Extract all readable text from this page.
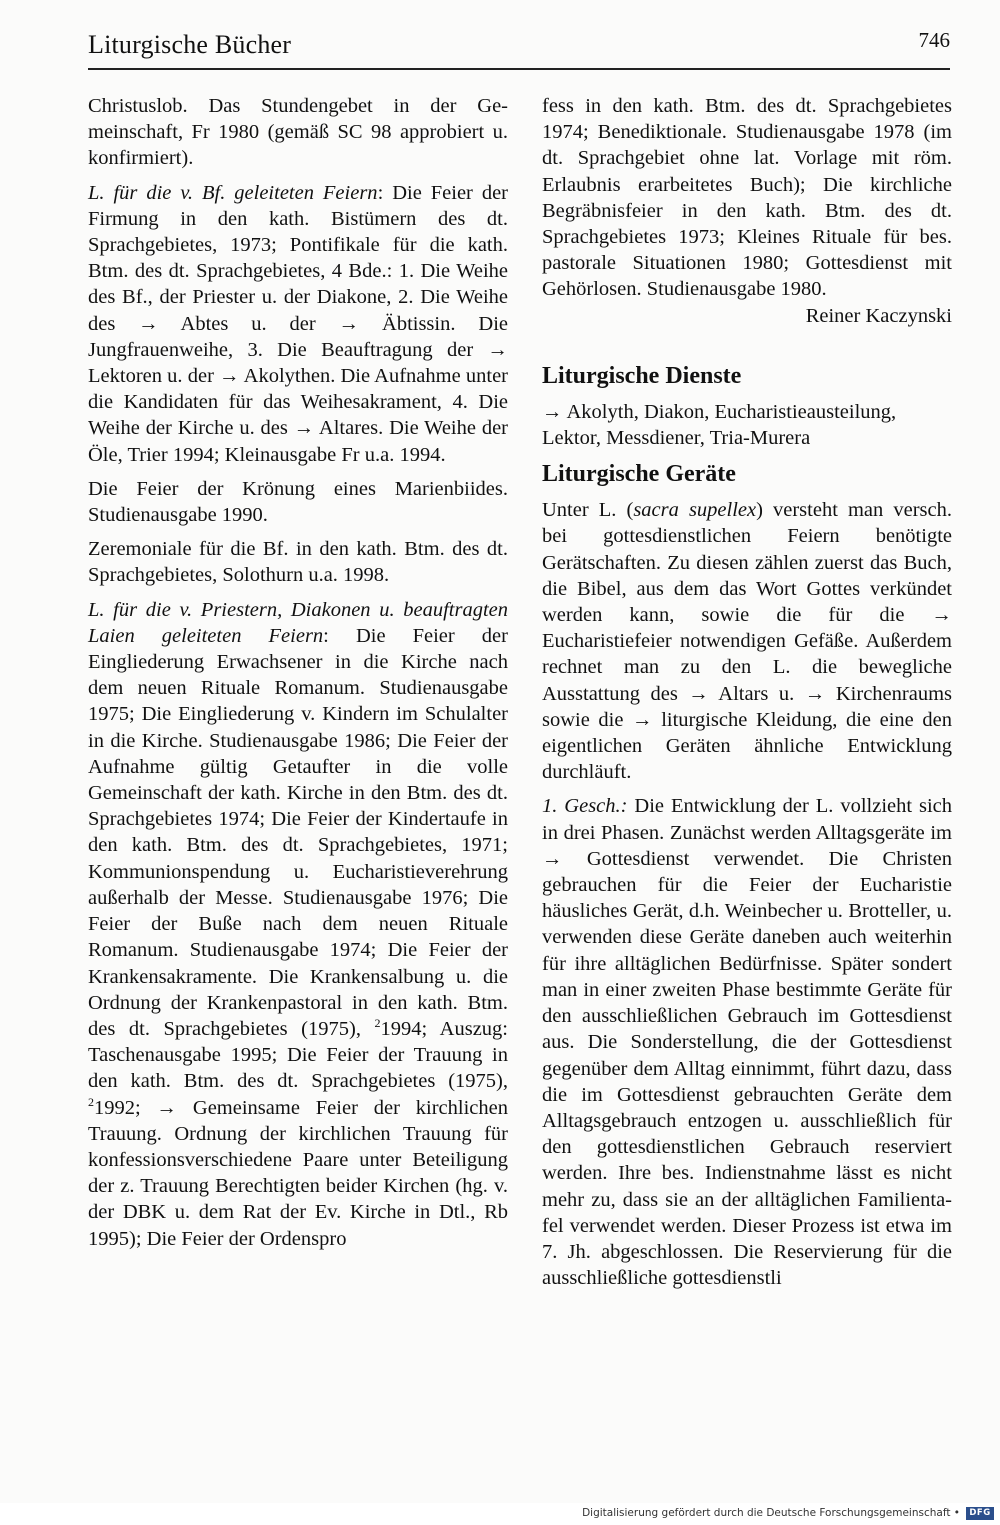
Liturgische Bücher	746

Christuslob. Das Stundengebet in der Gemeinschaft, Fr 1980 (gemäß SC 98 approbiert u. konfirmiert).

L. für die v. Bf. geleiteten Feiern: Die Feier der Firmung in den kath. Bistümern des dt. Sprachgebietes, 1973; Pontifikale für die kath. Btm. des dt. Sprachgebietes, 4 Bde.: 1. Die Weihe des Bf., der Priester u. der Diakone, 2. Die Weihe des → Abtes u. der → Äbtissin. Die Jungfrauenweihe, 3. Die Beauftragung der → Lektoren u. der → Akolythen. Die Aufnahme unter die Kandidaten für das Weihesakrament, 4. Die Weihe der Kirche u. des → Altares. Die Weihe der Öle, Trier 1994; Kleinausgabe Fr u.a. 1994.

Die Feier der Krönung eines Marienbiides. Studienausgabe 1990.

Zeremoniale für die Bf. in den kath. Btm. des dt. Sprachgebietes, Solothurn u.a. 1998.

L. für die v. Priestern, Diakonen u. beauftragten Laien geleiteten Feiern: Die Feier der Eingliederung Erwachsener in die Kirche nach dem neuen Rituale Romanum. Studienausgabe 1975; Die Eingliederung v. Kindern im Schulalter in die Kirche. Studienausgabe 1986; Die Feier der Aufnahme gültig Getaufter in die volle Gemeinschaft der kath. Kirche in den Btm. des dt. Sprachgebietes 1974; Die Feier der Kindertaufe in den kath. Btm. des dt. Sprachgebietes, 1971; Kommunionspendung u. Eucharistieverehrung außerhalb der Messe. Studienausgabe 1976; Die Feier der Buße nach dem neuen Rituale Romanum. Studienausgabe 1974; Die Feier der Krankensakramente. Die Krankensalbung u. die Ordnung der Krankenpastoral in den kath. Btm. des dt. Sprachgebietes (1975), $^2$1994; Auszug: Taschenausgabe 1995; Die Feier der Trauung in den kath. Btm. des dt. Sprachgebietes (1975), $^2$1992; → Gemeinsame Feier der kirchlichen Trauung. Ordnung der kirchlichen Trauung für konfessionsverschiedene Paare unter Beteiligung der z. Trauung Berechtigten beider Kirchen (hg. v. der DBK u. dem Rat der Ev. Kirche in Dtl., Rb 1995); Die Feier der Ordenspro

fess in den kath. Btm. des dt. Sprachgebietes 1974; Benediktionale. Studienausgabe 1978 (im dt. Sprachgebiet ohne lat. Vorlage mit röm. Erlaubnis erarbeitetes Buch); Die kirchliche Begräbnisfeier in den kath. Btm. des dt. Sprachgebietes 1973; Kleines Rituale für bes. pastorale Situationen 1980; Gottesdienst mit Gehörlosen. Studienausgabe 1980.

Reiner Kaczynski
Liturgische Dienste

→ Akolyth, Diakon, Eucharistieausteilung, Lektor, Messdiener, Tria-Murera

Liturgische Geräte

Unter L. (sacra supellex) versteht man versch. bei gottesdienstlichen Feiern benötigte Gerätschaften. Zu diesen zählen zuerst das Buch, die Bibel, aus dem das Wort Gottes verkündet werden kann, sowie die für die → Eucharistiefeier notwendigen Gefäße. Außerdem rechnet man zu den L. die bewegliche Ausstattung des → Altars u. → Kirchenraums sowie die → liturgische Kleidung, die eine den eigentlichen Geräten ähnliche Entwicklung durchläuft.

1. Gesch.: Die Entwicklung der L. vollzieht sich in drei Phasen. Zunächst werden Alltagsgeräte im → Gottesdienst verwendet. Die Christen gebrauchen für die Feier der Eucharistie häusliches Gerät, d.h. Weinbecher u. Brotteller, u. verwenden diese Geräte daneben auch weiterhin für ihre alltäglichen Bedürfnisse. Später sondert man in einer zweiten Phase bestimmte Geräte für den ausschließlichen Gebrauch im Gottesdienst aus. Die Sonderstellung, die der Gottesdienst gegenüber dem Alltag einnimmt, führt dazu, dass die im Gottesdienst gebrauchten Geräte dem Alltagsgebrauch entzogen u. ausschließlich für den gottesdienstlichen Gebrauch reserviert werden. Ihre bes. Indienstnahme lässt es nicht mehr zu, dass sie an der alltäglichen Familientafel verwendet werden. Dieser Prozess ist etwa im 7. Jh. abgeschlossen. Die Reservierung für die ausschließliche gottesdienstli

Digitalisierung gefördert durch die Deutsche Forschungsgemeinschaft •	DFG
